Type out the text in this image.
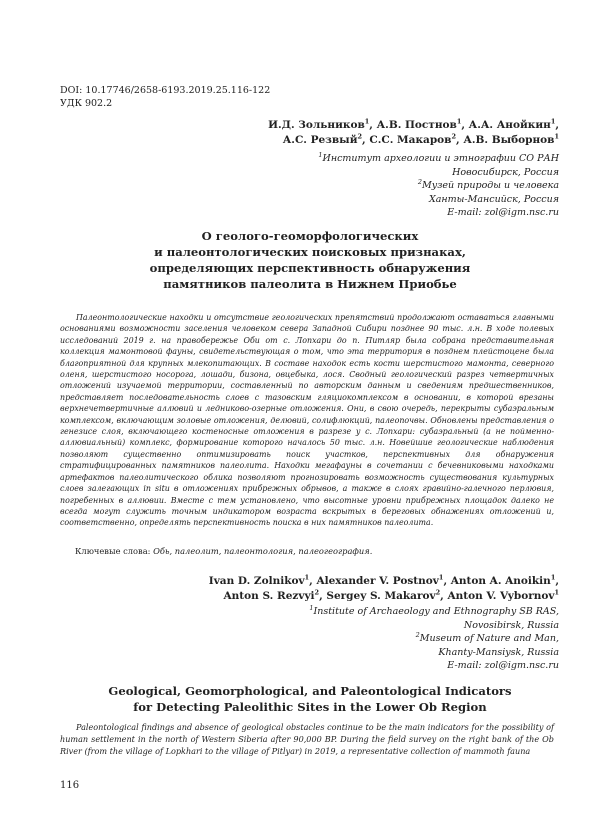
DOI: 10.17746/2658-6193.2019.25.116-122
УДК 902.2
И.Д. Зольников$^1$, А.В. Постнов$^1$, А.А. Анойкин$^1$,
А.С. Резвый$^2$, С.С. Макаров$^2$, А.В. Выборнов$^1$
$^1$Институт археологии и этнографии СО РАН
Новосибирск, Россия
$^2$Музей природы и человека
Ханты-Мансийск, Россия
E-mail: zol@igm.nsc.ru
О геолого-геоморфологических
и палеонтологических поисковых признаках,
определяющих перспективность обнаружения
памятников палеолита в Нижнем Приобье

Палеонтологические находки и отсутствие геологических препятствий продолжают оставаться главными основаниями возможности заселения человеком севера Западной Сибири позднее 90 тыс. л.н. В ходе полевых исследований 2019 г. на правобережье Оби от с. Лопхари до п. Питляр была собрана представительная коллекция мамонтовой фауны, свидетельствующая о том, что эта территория в позднем плейстоцене была благоприятной для крупных млекопитающих. В составе находок есть кости шерстистого мамонта, северного оленя, шерстистого носорога, лошади, бизона, овцебыка, лося. Сводный геологический разрез четвертичных отложений изучаемой территории, составленный по авторским данным и сведениям предшественников, представляет последовательность слоев с тазовским гляциокомплексом в основании, в которой врезаны верхнечетвертичные аллювий и ледниково-озерные отложения. Они, в свою очередь, перекрыты субаэральным комплексом, включающим золовые отложения, делювий, солифлюкций, палеопочвы. Обновлены представления о генезисе слоя, включающего костеносные отложения в разрезе у с. Лопхари: субаэральный (а не пойменно-аллювиальный) комплекс, формирование которого началось 50 тыс. л.н. Новейшие геологические наблюдения позволяют существенно оптимизировать поиск участков, перспективных для обнаружения стратифицированных памятников палеолита. Находки мегафауны в сочетании с бечевниковыми находками артефактов палеолитического облика позволяют прогнозировать возможность существования культурных слоев залегающих in situ в отложениях прибрежных обрывов, а также в слоях гравийно-галечного перлювия, погребенных в аллювии. Вместе с тем установлено, что высотные уровни прибрежных площадок далеко не всегда могут служить точным индикатором возраста вскрытых в береговых обнажениях отложений и, соответственно, определять перспективность поиска в них памятников палеолита.

Ключевые слова: Обь, палеолит, палеонтология, палеогеография.
Ivan D. Zolnikov$^1$, Alexander V. Postnov$^1$, Anton A. Anoikin$^1$,
Anton S. Rezvyi$^2$, Sergey S. Makarov$^2$, Anton V. Vybornov$^1$
$^1$Institute of Archaeology and Ethnography SB RAS,
Novosibirsk, Russia
$^2$Museum of Nature and Man,
Khanty-Mansiysk, Russia
E-mail: zol@igm.nsc.ru
Geological, Geomorphological, and Paleontological Indicators
for Detecting Paleolithic Sites in the Lower Ob Region

Paleontological findings and absence of geological obstacles continue to be the main indicators for the possibility of human settlement in the north of Western Siberia after 90,000 BP. During the field survey on the right bank of the Ob River (from the village of Lopkhari to the village of Pitlyar) in 2019, a representative collection of mammoth fauna

116
